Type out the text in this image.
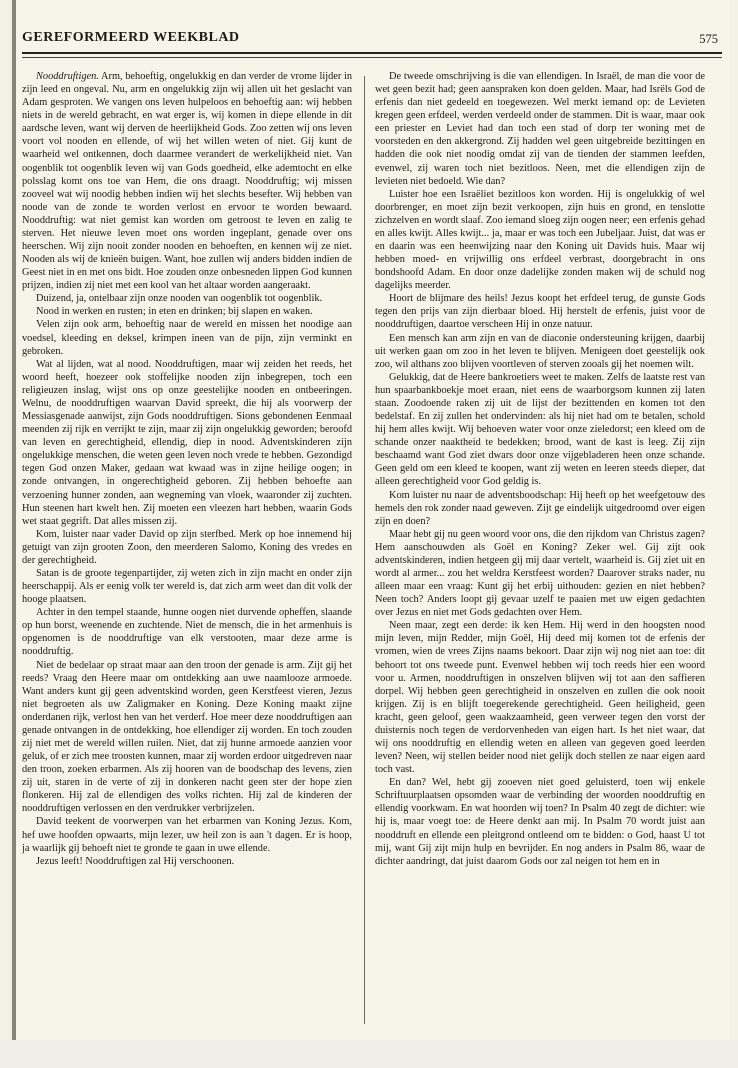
GEREFORMEERD WEEKBLAD	575

Nooddruftigen. Arm, behoeftig, ongelukkig en dan verder de vrome lijder in zijn leed en ongeval. Nu, arm en ongelukkig zijn wij allen uit het geslacht van Adam gesproten. We vangen ons leven hulpeloos en behoeftig aan: wij hebben niets in de wereld gebracht, en wat erger is, wij komen in diepe ellende in dit aardsche leven, want wij derven de heerlijkheid Gods. Zoo zetten wij ons leven voort vol nooden en ellende, of wij het willen weten of niet. Gij kunt de waarheid wel ontkennen, doch daarmee verandert de werkelijkheid niet. Van oogenblik tot oogenblik leven wij van Gods goedheid, elke ademtocht en elke polsslag komt ons toe van Hem, die ons draagt. Nooddruftig; wij missen zooveel wat wij noodig hebben indien wij het slechts besefter. Wij hebben van noode van de zonde te worden verlost en ervoor te worden bewaard. Nooddruftig: wat niet gemist kan worden om getroost te leven en zalig te sterven. Het nieuwe leven moet ons worden ingeplant, genade over ons heerschen. Wij zijn nooit zonder nooden en behoeften, en kennen wij ze niet. Nooden als wij de knieën buigen. Want, hoe zullen wij anders bidden indien de Geest niet in en met ons bidt. Hoe zouden onze onbesneden lippen God kunnen prijzen, indien zij niet met een kool van het altaar worden aangeraakt.

Duizend, ja, ontelbaar zijn onze nooden van oogenblik tot oogenblik.

Nood in werken en rusten; in eten en drinken; bij slapen en waken.

Velen zijn ook arm, behoeftig naar de wereld en missen het noodige aan voedsel, kleeding en deksel, krimpen ineen van de pijn, zijn verminkt en gebroken.

Wat al lijden, wat al nood. Nooddruftigen, maar wij zeiden het reeds, het woord heeft, hoezeer ook stoffelijke nooden zijn inbegrepen, toch een religieuzen inslag, wijst ons op onze geestelijke nooden en ontbeeringen. Welnu, de nooddruftigen waarvan David spreekt, die hij als voorwerp der Messiasgenade aanwijst, zijn Gods nooddruftigen. Sions gebondenen Eenmaal meenden zij rijk en verrijkt te zijn, maar zij zijn ongelukkig geworden; beroofd van leven en gerechtigheid, ellendig, diep in nood. Adventskinderen zijn ongelukkige menschen, die weten geen leven noch vrede te hebben. Gezondigd tegen God onzen Maker, gedaan wat kwaad was in zijne heilige oogen; in zonde ontvangen, in ongerechtigheid geboren. Zij hebben behoefte aan verzoening hunner zonden, aan wegneming van vloek, waaronder zij zuchten. Hun steenen hart kwelt hen. Zij moeten een vleezen hart hebben, waarin Gods wet staat gegrift. Dat alles missen zij.

Kom, luister naar vader David op zijn sterfbed. Merk op hoe innemend hij getuigt van zijn grooten Zoon, den meerderen Salomo, Koning des vredes en der gerechtigheid.

Satan is de groote tegenpartijder, zij weten zich in zijn macht en onder zijn heerschappij. Als er eenig volk ter wereld is, dat zich arm weet dan dit volk der hooge plaatsen.

Achter in den tempel staande, hunne oogen niet durvende opheffen, slaande op hun borst, weenende en zuchtende. Niet de mensch, die in het armenhuis is opgenomen is de nooddruftige van elk verstooten, maar deze arme is nooddruftig.

Niet de bedelaar op straat maar aan den troon der genade is arm. Zijt gij het reeds? Vraag den Heere maar om ontdekking aan uwe naamlooze armoede. Want anders kunt gij geen adventskind worden, geen Kerstfeest vieren, Jezus niet begroeten als uw Zaligmaker en Koning. Deze Koning maakt zijne onderdanen rijk, verlost hen van het verderf. Hoe meer deze nooddruftigen aan genade ontvangen in de ontdekking, hoe ellendiger zij worden. En toch zouden zij niet met de wereld willen ruilen. Niet, dat zij hunne armoede aanzien voor geluk, of er zich mee troosten kunnen, maar zij worden erdoor uitgedreven naar den troon, zoeken erbarmen. Als zij hooren van de boodschap des levens, zien zij uit, staren in de verte of zij in donkeren nacht geen ster der hope zien flonkeren. Hij zal de ellendigen des volks richten. Hij zal de kinderen der nooddruftigen verlossen en den verdrukker verbrijzelen.

David teekent de voorwerpen van het erbarmen van Koning Jezus. Kom, hef uwe hoofden opwaarts, mijn lezer, uw heil zon is aan 't dagen. Er is hoop, ja waarlijk gij behoeft niet te gronde te gaan in uwe ellende.

Jezus leeft! Nooddruftigen zal Hij verschoonen.

De tweede omschrijving is die van ellendigen. In Israël, de man die voor de wet geen bezit had; geen aanspraken kon doen gelden. Maar, had Isrëls God de erfenis dan niet gedeeld en toegewezen. Wel merkt iemand op: de Levieten kregen geen erfdeel, werden verdeeld onder de stammen. Dit is waar, maar ook een priester en Leviet had dan toch een stad of dorp ter woning met de voorsteden en den akkergrond. Zij hadden wel geen uitgebreide bezittingen en hadden die ook niet noodig omdat zij van de tienden der stammen leefden, evenwel, zij waren toch niet bezitloos. Neen, met die ellendigen zijn de levieten niet bedoeld. Wie dan?

Luister hoe een Israëliet bezitloos kon worden. Hij is ongelukkig of wel doorbrenger, en moet zijn bezit verkoopen, zijn huis en grond, en tenslotte zichzelven en wordt slaaf. Zoo iemand sloeg zijn oogen neer; een erfenis gehad en alles kwijt. Alles kwijt... ja, maar er was toch een Jubeljaar. Juist, dat was er en daarin was een heenwijzing naar den Koning uit Davids huis. Maar wij hebben moed- en vrijwillig ons erfdeel verbrast, doorgebracht in ons bondshoofd Adam. En door onze dadelijke zonden maken wij de schuld nog dagelijks meerder.

Hoort de blijmare des heils! Jezus koopt het erfdeel terug, de gunste Gods tegen den prijs van zijn dierbaar bloed. Hij herstelt de erfenis, juist voor de nooddruftigen, daartoe verscheen Hij in onze natuur.

Een mensch kan arm zijn en van de diaconie ondersteuning krijgen, daarbij uit werken gaan om zoo in het leven te blijven. Menigeen doet geestelijk ook zoo, wil althans zoo blijven voortleven of sterven zooals gij het noemen wilt.

Gelukkig, dat de Heere bankroetiers weet te maken. Zelfs de laatste rest van hun spaarbankboekje moet eraan, niet eens de waarborgsom kunnen zij laten staan. Zoodoende raken zij uit de lijst der bezittenden en komen tot den bedelstaf. En zij zullen het ondervinden: als hij niet had om te betalen, schold hij hem alles kwijt. Wij behoeven water voor onze zieledorst; een kleed om de schande onzer naaktheid te bedekken; brood, want de kast is leeg. Zij zijn beschaamd want God ziet dwars door onze vijgebladeren heen onze schande. Geen geld om een kleed te koopen, want zij weten en leeren steeds dieper, dat alleen gerechtigheid voor God geldig is.

Kom luister nu naar de adventsboodschap: Hij heeft op het weefgetouw des hemels den rok zonder naad geweven. Zijt ge eindelijk uitgedroomd over eigen zijn en doen?

Maar hebt gij nu geen woord voor ons, die den rijkdom van Christus zagen? Hem aanschouwden als Goël en Koning? Zeker wel. Gij zijt ook adventskinderen, indien hetgeen gij mij daar vertelt, waarheid is. Gij ziet uit en wordt al armer... zou het weldra Kerstfeest worden? Daarover straks nader, nu alleen maar een vraag: Kunt gij het erbij uithouden: gezien en niet hebben? Neen toch? Anders loopt gij gevaar uzelf te paaien met uw eigen gedachten over Jezus en niet met Gods gedachten over Hem.

Neen maar, zegt een derde: ik ken Hem. Hij werd in den hoogsten nood mijn leven, mijn Redder, mijn Goël, Hij deed mij komen tot de erfenis der vromen, wien de vrees Zijns naams bekoort. Daar zijn wij nog niet aan toe: dit behoort tot ons tweede punt. Evenwel hebben wij toch reeds hier een woord voor u. Armen, nooddruftigen in onszelven blijven wij tot aan den saffieren dorpel. Wij hebben geen gerechtigheid in onszelven en zullen die ook nooit krijgen. Zij is en blijft toegerekende gerechtigheid. Geen heiligheid, geen kracht, geen geloof, geen waakzaamheid, geen verweer tegen den vorst der duisternis noch tegen de verdorvenheden van eigen hart. Is het niet waar, dat wij ons nooddruftig en ellendig weten en alleen van gegeven goed leerden leven? Neen, wij stellen beider nood niet gelijk doch stellen ze naar eigen aard toch vast.

En dan? Wel, hebt gij zooeven niet goed geluisterd, toen wij enkele Schriftuurplaatsen opsomden waar de verbinding der woorden nooddruftig en ellendig voorkwam. En wat hoorden wij toen? In Psalm 40 zegt de dichter: wie hij is, maar voegt toe: de Heere denkt aan mij. In Psalm 70 wordt juist aan nooddruft en ellende een pleitgrond ontleend om te bidden: o God, haast U tot mij, want Gij zijt mijn hulp en bevrijder. En nog anders in Psalm 86, waar de dichter aandringt, dat juist daarom Gods oor zal neigen tot hem en in
